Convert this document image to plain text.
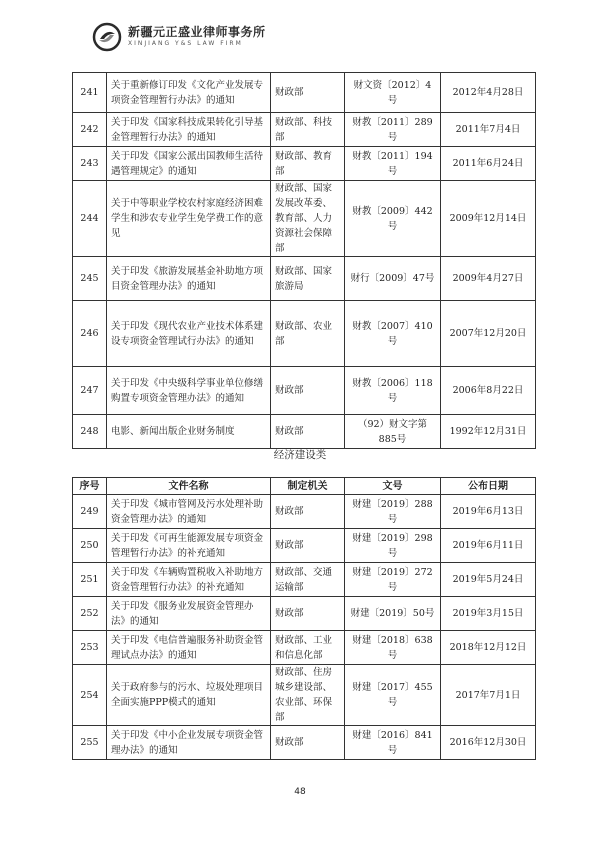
新疆元正盛业律师事务所
XINJIANG Y&S LAW FIRM
241	关于重新修订印发《文化产业发展专项资金管理暂行办法》的通知	财政部	财文资〔2012〕4号	2012年4月28日
242	关于印发《国家科技成果转化引导基金管理暂行办法》的通知	财政部、科技部	财教〔2011〕289号	2011年7月4日
243	关于印发《国家公派出国教师生活待遇管理规定》的通知	财政部、教育部	财教〔2011〕194号	2011年6月24日
244	关于中等职业学校农村家庭经济困难学生和涉农专业学生免学费工作的意见	财政部、国家发展改革委、教育部、人力资源社会保障部	财教〔2009〕442号	2009年12月14日
245	关于印发《旅游发展基金补助地方项目资金管理办法》的通知	财政部、国家旅游局	财行〔2009〕47号	2009年4月27日
246	关于印发《现代农业产业技术体系建设专项资金管理试行办法》的通知	财政部、农业部	财教〔2007〕410号	2007年12月20日
247	关于印发《中央级科学事业单位修缮购置专项资金管理办法》的通知	财政部	财教〔2006〕118号	2006年8月22日
248	电影、新闻出版企业财务制度	财政部	（92）财文字第885号	1992年12月31日
经济建设类
序号	文件名称	制定机关	文号	公布日期
249	关于印发《城市管网及污水处理补助资金管理办法》的通知	财政部	财建〔2019〕288号	2019年6月13日
250	关于印发《可再生能源发展专项资金管理暂行办法》的补充通知	财政部	财建〔2019〕298号	2019年6月11日
251	关于印发《车辆购置税收入补助地方资金管理暂行办法》的补充通知	财政部、交通运输部	财建〔2019〕272号	2019年5月24日
252	关于印发《服务业发展资金管理办法》的通知	财政部	财建〔2019〕50号	2019年3月15日
253	关于印发《电信普遍服务补助资金管理试点办法》的通知	财政部、工业和信息化部	财建〔2018〕638号	2018年12月12日
254	关于政府参与的污水、垃圾处理项目全面实施PPP模式的通知	财政部、住房城乡建设部、农业部、环保部	财建〔2017〕455号	2017年7月1日
255	关于印发《中小企业发展专项资金管理办法》的通知	财政部	财建〔2016〕841号	2016年12月30日
48
